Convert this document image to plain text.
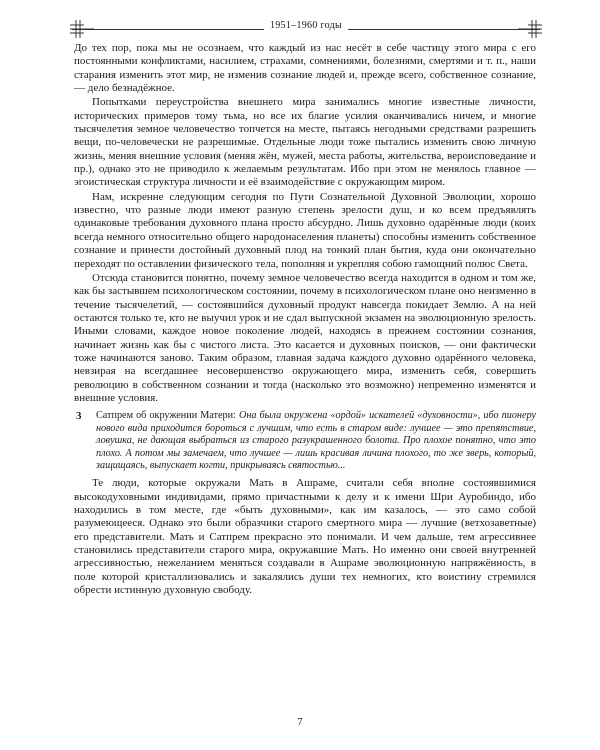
1951–1960 годы

До тех пор, пока мы не осознаем, что каждый из нас несёт в себе частицу этого мира с его постоянными конфликтами, насилием, страхами, сомнениями, болезнями, смертями и т. п., наши старания изменить этот мир, не изменив сознание людей и, прежде всего, собственное сознание, — дело безнадёжное.

Попытками переустройства внешнего мира занимались многие известные личности, исторических примеров тому тьма, но все их благие усилия оканчивались ничем, и многие тысячелетия земное человечество топчется на месте, пытаясь негодными средствами разрешить вещи, по-человечески не разрешимые. Отдельные люди тоже пытались изменить свою личную жизнь, меняя внешние условия (меняя жён, мужей, места работы, жительства, вероисповедание и пр.), однако это не приводило к желаемым результатам. Ибо при этом не менялось главное — эгоистическая структура личности и её взаимодействие с окружающим миром.

Нам, искренне следующим сегодня по Пути Сознательной Духовной Эволюции, хорошо известно, что разные люди имеют разную степень зрелости душ, и ко всем предъявлять одинаковые требования духовного плана просто абсурдно. Лишь духовно одарённые люди (коих всегда немного относительно общего народонаселения планеты) способны изменить собственное сознание и принести достойный духовный плод на тонкий план бытия, куда они окончательно переходят по оставлении физического тела, пополняя и укрепляя собою гамощний полюс Света.

Отсюда становится понятно, почему земное человечество всегда находится в одном и том же, как бы застывшем психологическом состоянии, почему в психологическом плане оно неизменно в течение тысячелетий, — состоявшийся духовный продукт навсегда покидает Землю. А на ней остаются только те, кто не выучил урок и не сдал выпускной экзамен на эволюционную зрелость. Иными словами, каждое новое поколение людей, находясь в прежнем состоянии сознания, начинает жизнь как бы с чистого листа. Это касается и духовных поисков, — они фактически тоже начинаются заново. Таким образом, главная задача каждого духовно одарённого человека, невзирая на всегдашнее несовершенство окружающего мира, изменить себя, совершить революцию в собственном сознании и тогда (насколько это возможно) непременно изменятся и внешние условия.

3 Сатпрем об окружении Матери: Она была окружена «ордой» искателей «духовности», ибо пионеру нового вида приходится бороться с лучшим, что есть в старом виде: лучшее — это препятствие, ловушка, не дающая выбраться из старого разукрашенного болота. Про плохое понятно, что это плохо. А потом мы замечаем, что лучшее — лишь красивая личина плохого, то же зверь, который, защищаясь, выпускает когти, прикрываясь святостью...

Те люди, которые окружали Мать в Ашраме, считали себя вполне состоявшимися высокодуховными индивидами, прямо причастными к делу и к имени Шри Ауробиндо, ибо находились в том месте, где «быть духовными», как им казалось, — это само собой разумеющееся. Однако это были образчики старого смертного мира — лучшие (ветхозаветные) его представители. Мать и Сатпрем прекрасно это понимали. И чем дальше, тем агрессивнее становились представители старого мира, окружавшие Мать. Но именно они своей внутренней агрессивностью, нежеланием меняться создавали в Ашраме эволюционную напряжённость, в поле которой кристаллизовались и закалялись души тех немногих, кто воистину стремился обрести истинную духовную свободу.

7
